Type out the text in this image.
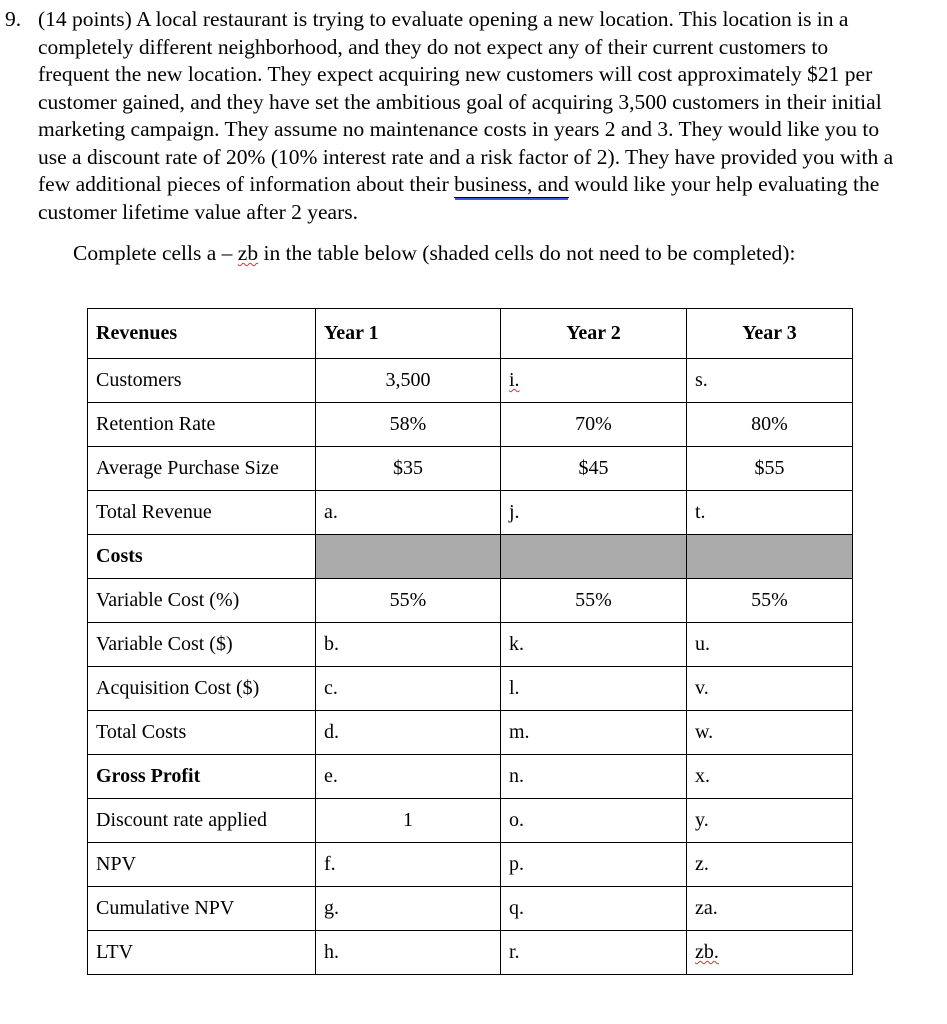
9. (14 points) A local restaurant is trying to evaluate opening a new location. This location is in a completely different neighborhood, and they do not expect any of their current customers to frequent the new location. They expect acquiring new customers will cost approximately $21 per customer gained, and they have set the ambitious goal of acquiring 3,500 customers in their initial marketing campaign. They assume no maintenance costs in years 2 and 3. They would like you to use a discount rate of 20% (10% interest rate and a risk factor of 2). They have provided you with a few additional pieces of information about their business, and would like your help evaluating the customer lifetime value after 2 years.
Complete cells a – zb in the table below (shaded cells do not need to be completed):
Revenues	Year 1	Year 2	Year 3
Customers	3,500	i.	s.
Retention Rate	58%	70%	80%
Average Purchase Size	$35	$45	$55
Total Revenue	a.	j.	t.
Costs			
Variable Cost (%)	55%	55%	55%
Variable Cost ($)	b.	k.	u.
Acquisition Cost ($)	c.	l.	v.
Total Costs	d.	m.	w.
Gross Profit	e.	n.	x.
Discount rate applied	1	o.	y.
NPV	f.	p.	z.
Cumulative NPV	g.	q.	za.
LTV	h.	r.	zb.
